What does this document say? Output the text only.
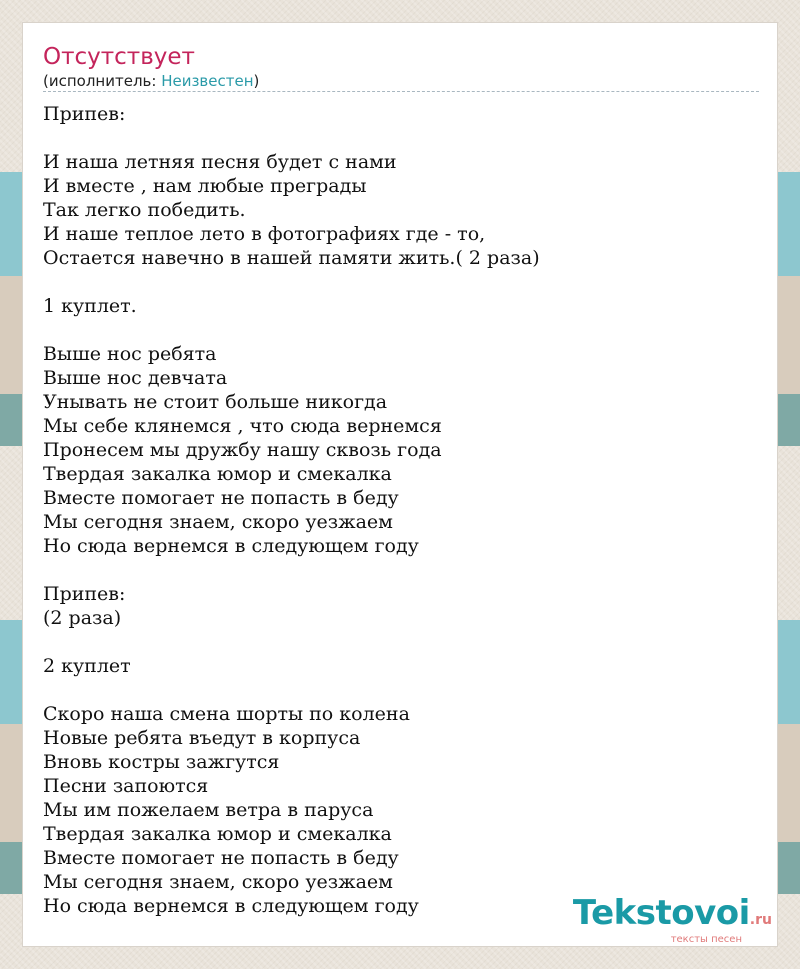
Отсутствует
(исполнитель: Неизвестен)
Припев:

И наша летняя песня будет с нами
И вместе , нам любые преграды
Так легко победить.
И наше теплое лето в фотографиях где - то,
Остается навечно в нашей памяти жить.( 2 раза)

1 куплет.

Выше нос ребята
Выше нос девчата
Унывать не стоит больше никогда
Мы себе клянемся , что сюда вернемся
Пронесем мы дружбу нашу сквозь года
Твердая закалка юмор и смекалка
Вместе помогает не попасть в беду
Мы сегодня знаем, скоро уезжаем
Но сюда вернемся в следующем году

Припев:
(2 раза)

2 куплет

Скоро наша смена шорты по колена
Новые ребята въедут в корпуса
Вновь костры зажгутся
Песни запоются
Мы им пожелаем ветра в паруса
Твердая закалка юмор и смекалка
Вместе помогает не попасть в беду
Мы сегодня знаем, скоро уезжаем
Но сюда вернемся в следующем году	Tekstovoi.ru
тексты песен
